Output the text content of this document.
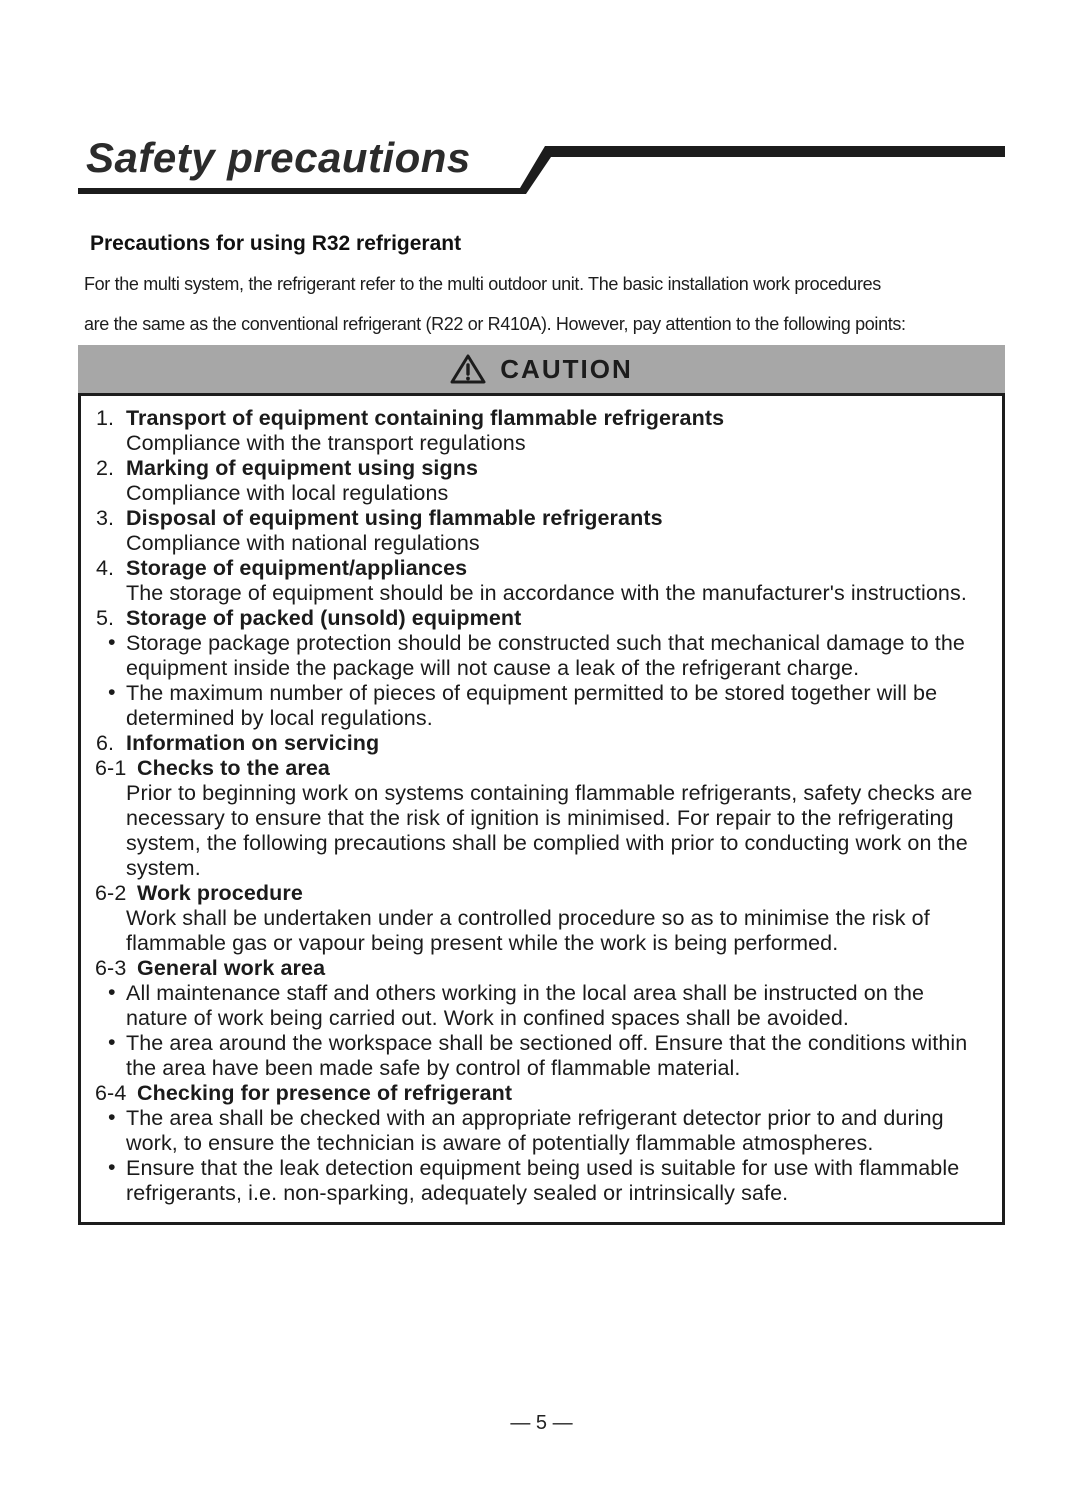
Safety precautions
Precautions for using R32 refrigerant

For the multi system, the refrigerant refer to the multi outdoor unit. The basic installation work procedures

are the same as the conventional refrigerant (R22 or R410A). However, pay attention to the following points:

CAUTION
1. Transport of equipment containing flammable refrigerants
Compliance with the transport regulations
2. Marking of equipment using signs
Compliance with local regulations
3. Disposal of equipment using flammable refrigerants
Compliance with national regulations
4. Storage of equipment/appliances
The storage of equipment should be in accordance with the manufacturer's instructions.
5. Storage of packed (unsold) equipment
• Storage package protection should be constructed such that mechanical damage to the equipment inside the package will not cause a leak of the refrigerant charge.
• The maximum number of pieces of equipment permitted to be stored together will be determined by local regulations.
6. Information on servicing
6-1 Checks to the area
Prior to beginning work on systems containing flammable refrigerants, safety checks are necessary to ensure that the risk of ignition is minimised. For repair to the refrigerating system, the following precautions shall be complied with prior to conducting work on the system.
6-2 Work procedure
Work shall be undertaken under a controlled procedure so as to minimise the risk of flammable gas or vapour being present while the work is being performed.
6-3 General work area
• All maintenance staff and others working in the local area shall be instructed on the nature of work being carried out. Work in confined spaces shall be avoided.
• The area around the workspace shall be sectioned off. Ensure that the conditions within the area have been made safe by control of flammable material.
6-4 Checking for presence of refrigerant
• The area shall be checked with an appropriate refrigerant detector prior to and during work, to ensure the technician is aware of potentially flammable atmospheres.
• Ensure that the leak detection equipment being used is suitable for use with flammable refrigerants, i.e. non-sparking, adequately sealed or intrinsically safe.
— 5 —
